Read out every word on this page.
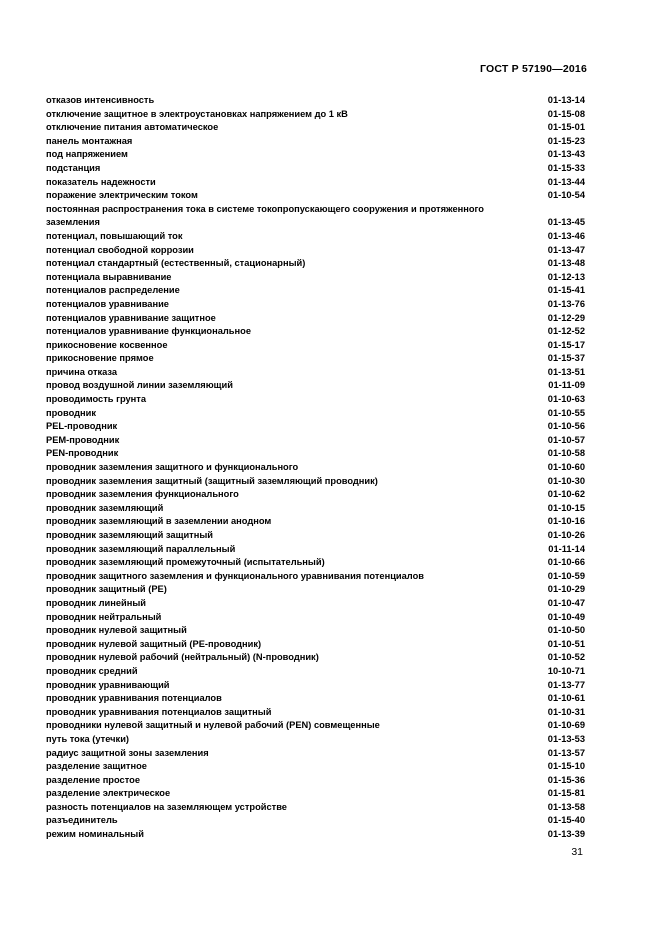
ГОСТ Р 57190—2016
отказов интенсивность	01-13-14
отключение защитное в электроустановках напряжением до 1 кВ	01-15-08
отключение питания автоматическое	01-15-01
панель монтажная	01-15-23
под напряжением	01-13-43
подстанция	01-15-33
показатель надежности	01-13-44
поражение электрическим током	01-10-54
постоянная распространения тока в системе токопропускающего сооружения и протяженного заземления	01-13-45
потенциал, повышающий ток	01-13-46
потенциал свободной коррозии	01-13-47
потенциал стандартный (естественный, стационарный)	01-13-48
потенциала выравнивание	01-12-13
потенциалов распределение	01-15-41
потенциалов уравнивание	01-13-76
потенциалов уравнивание защитное	01-12-29
потенциалов уравнивание функциональное	01-12-52
прикосновение косвенное	01-15-17
прикосновение прямое	01-15-37
причина отказа	01-13-51
провод воздушной линии заземляющий	01-11-09
проводимость грунта	01-10-63
проводник	01-10-55
PEL-проводник	01-10-56
PEM-проводник	01-10-57
PEN-проводник	01-10-58
проводник заземления защитного и функционального	01-10-60
проводник заземления защитный (защитный заземляющий проводник)	01-10-30
проводник заземления функционального	01-10-62
проводник заземляющий	01-10-15
проводник заземляющий в заземлении анодном	01-10-16
проводник заземляющий защитный	01-10-26
проводник заземляющий параллельный	01-11-14
проводник заземляющий промежуточный (испытательный)	01-10-66
проводник защитного заземления и функционального уравнивания потенциалов	01-10-59
проводник защитный (PE)	01-10-29
проводник линейный	01-10-47
проводник нейтральный	01-10-49
проводник нулевой защитный	01-10-50
проводник нулевой защитный (PE-проводник)	01-10-51
проводник нулевой рабочий (нейтральный) (N-проводник)	01-10-52
проводник средний	10-10-71
проводник уравнивающий	01-13-77
проводник уравнивания потенциалов	01-10-61
проводник уравнивания потенциалов защитный	01-10-31
проводники нулевой защитный и нулевой рабочий (PEN) совмещенные	01-10-69
путь тока (утечки)	01-13-53
радиус защитной зоны заземления	01-13-57
разделение защитное	01-15-10
разделение простое	01-15-36
разделение электрическое	01-15-81
разность потенциалов на заземляющем устройстве	01-13-58
разъединитель	01-15-40
режим номинальный	01-13-39
31
